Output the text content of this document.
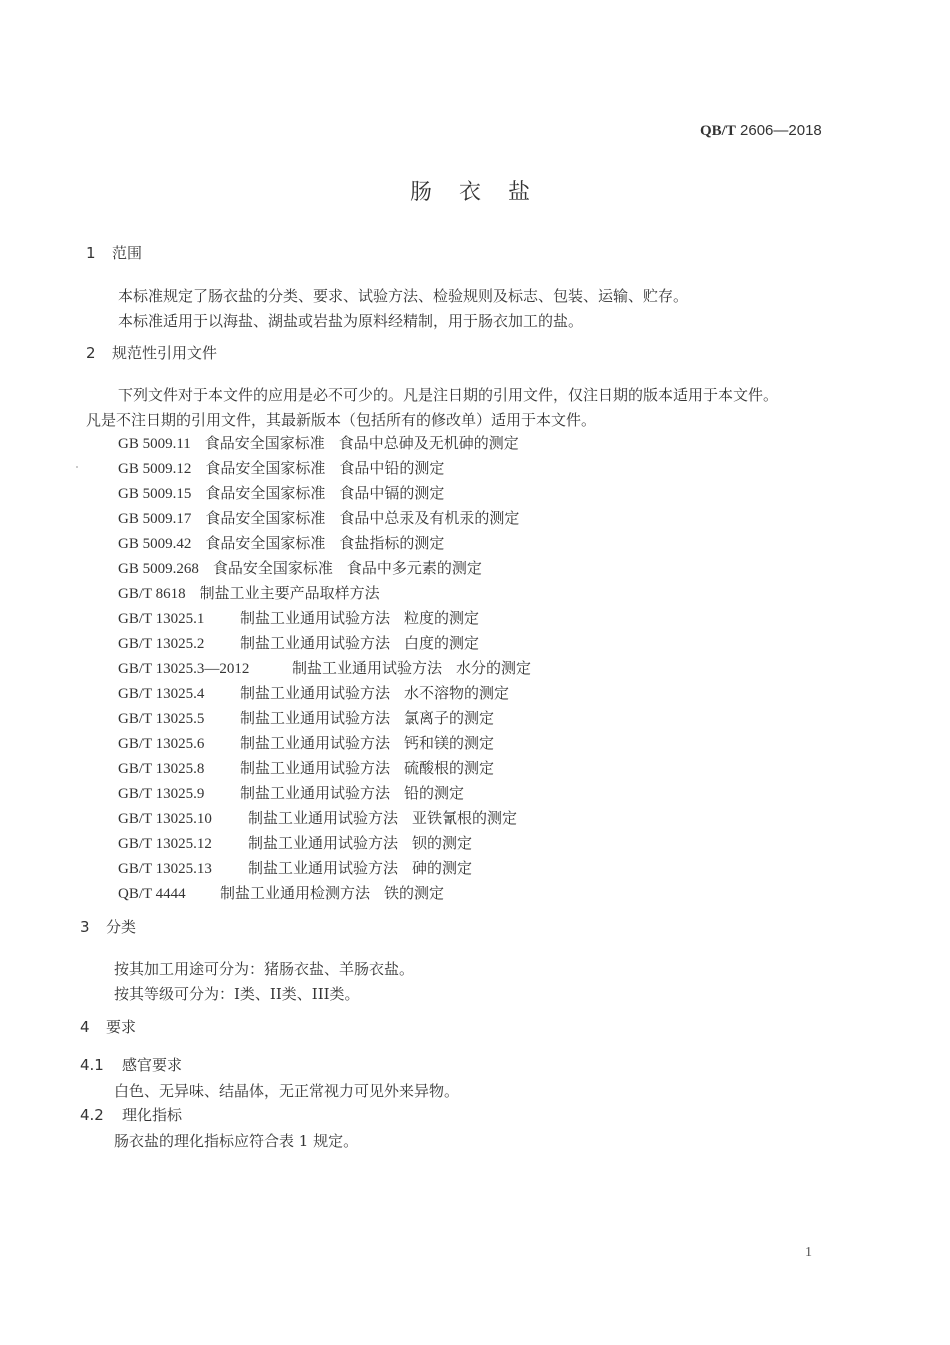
QB/T 2606—2018
肠 衣 盐
1 范围
本标准规定了肠衣盐的分类、要求、试验方法、检验规则及标志、包装、运输、贮存。
本标准适用于以海盐、湖盐或岩盐为原料经精制，用于肠衣加工的盐。
2 规范性引用文件
下列文件对于本文件的应用是必不可少的。凡是注日期的引用文件，仅注日期的版本适用于本文件。
凡是不注日期的引用文件，其最新版本（包括所有的修改单）适用于本文件。
GB 5009.11 食品安全国家标准 食品中总砷及无机砷的测定
GB 5009.12 食品安全国家标准 食品中铅的测定
GB 5009.15 食品安全国家标准 食品中镉的测定
GB 5009.17 食品安全国家标准 食品中总汞及有机汞的测定
GB 5009.42 食品安全国家标准 食盐指标的测定
GB 5009.268 食品安全国家标准 食品中多元素的测定
GB/T 8618 制盐工业主要产品取样方法
GB/T 13025.1 制盐工业通用试验方法 粒度的测定
GB/T 13025.2 制盐工业通用试验方法 白度的测定
GB/T 13025.3—2012	制盐工业通用试验方法 水分的测定
GB/T 13025.4 制盐工业通用试验方法 水不溶物的测定
GB/T 13025.5 制盐工业通用试验方法 氯离子的测定
GB/T 13025.6 制盐工业通用试验方法 钙和镁的测定
GB/T 13025.8 制盐工业通用试验方法 硫酸根的测定
GB/T 13025.9 制盐工业通用试验方法 铅的测定
GB/T 13025.10 制盐工业通用试验方法 亚铁氰根的测定
GB/T 13025.12 制盐工业通用试验方法 钡的测定
GB/T 13025.13 制盐工业通用试验方法 砷的测定
QB/T 4444 制盐工业通用检测方法 铁的测定
3 分类
按其加工用途可分为：猪肠衣盐、羊肠衣盐。
按其等级可分为：I类、II类、III类。
4 要求
4.1 感官要求
白色、无异味、结晶体，无正常视力可见外来异物。
4.2 理化指标
肠衣盐的理化指标应符合表 1 规定。
1
